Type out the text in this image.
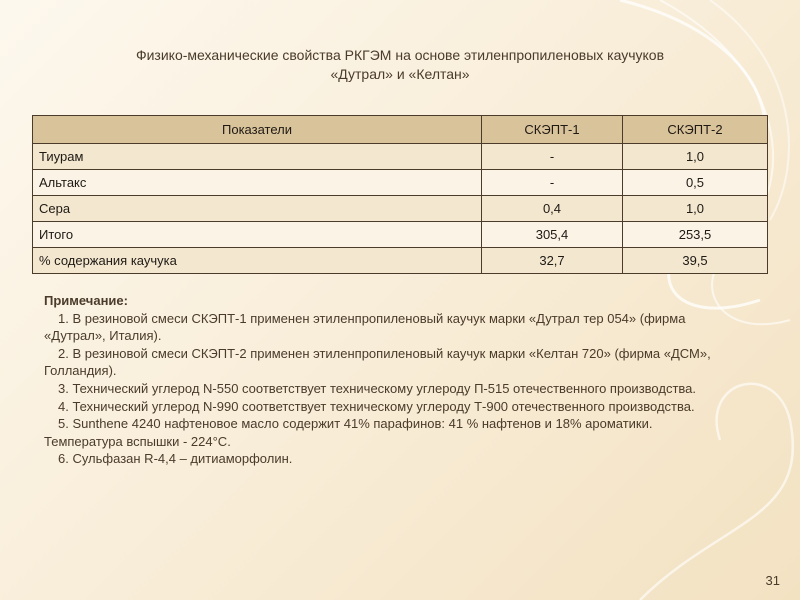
Физико-механические свойства РКГЭМ на основе этиленпропиленовых каучуков
«Дутрал» и «Келтан»
Показатели	СКЭПТ-1	СКЭПТ-2
Тиурам	-	1,0
Альтакс	-	0,5
Сера	0,4	1,0
Итого	305,4	253,5
% содержания каучука	32,7	39,5
Примечание:
1. В резиновой смеси СКЭПТ-1 применен этиленпропиленовый каучук марки «Дутрал тер 054» (фирма «Дутрал», Италия).
2. В резиновой смеси СКЭПТ-2 применен этиленпропиленовый каучук марки «Келтан 720» (фирма «ДСМ», Голландия).
3. Технический углерод N-550 соответствует техническому углероду П-515 отечественного производства.
4. Технический углерод N-990 соответствует техническому углероду Т-900 отечественного производства.
5. Sunthene 4240 нафтеновое масло содержит 41% парафинов: 41 % нафтенов и 18% ароматики. Температура вспышки - 224°С.
6. Сульфазан R-4,4 – дитиаморфолин.
31
